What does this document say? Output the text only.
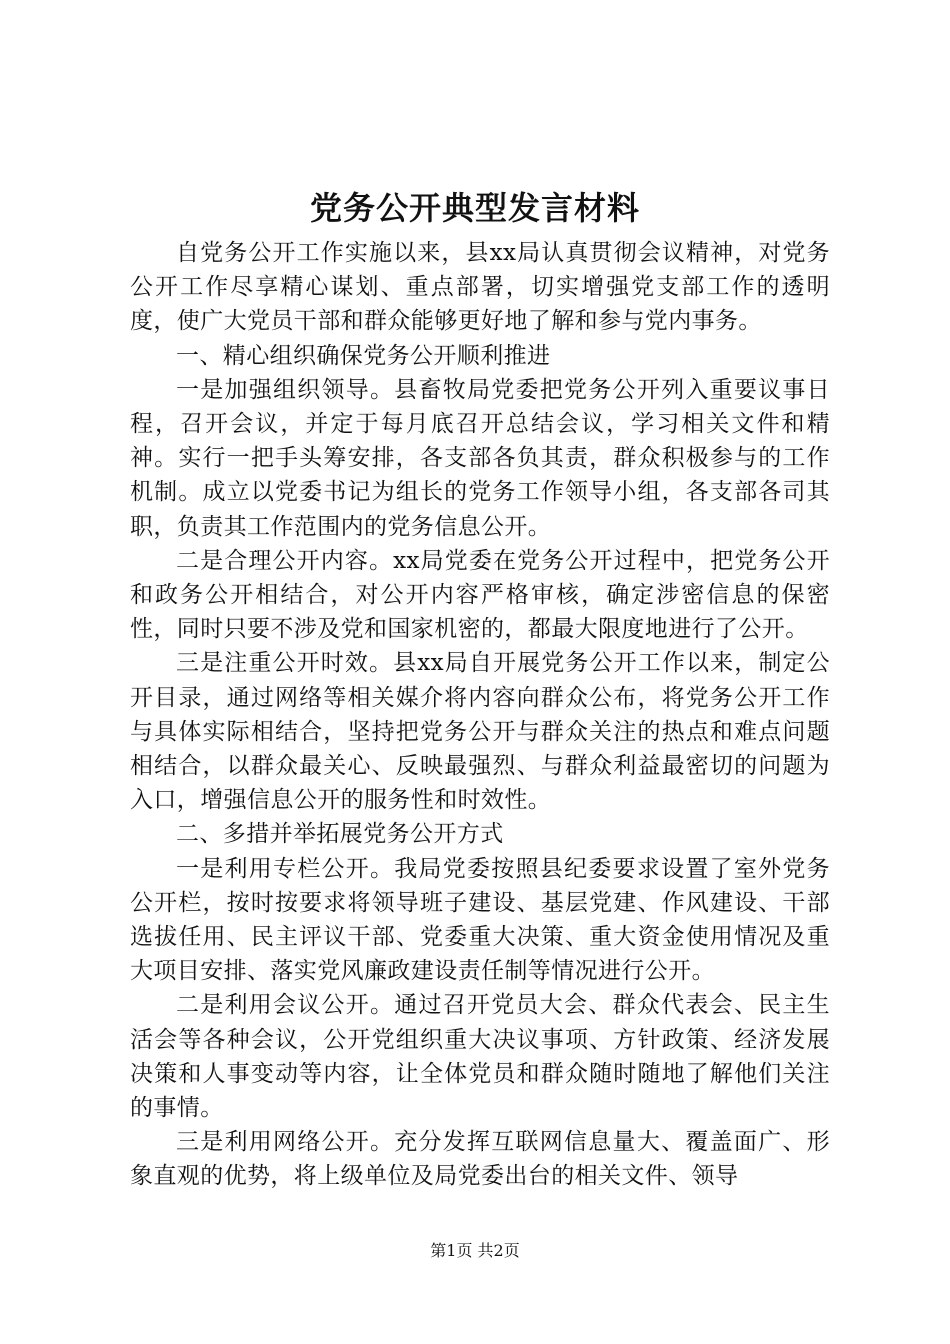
党务公开典型发言材料

自党务公开工作实施以来，县xx局认真贯彻会议精神，对党务公开工作尽享精心谋划、重点部署，切实增强党支部工作的透明度，使广大党员干部和群众能够更好地了解和参与党内事务。

一、精心组织确保党务公开顺利推进

一是加强组织领导。县畜牧局党委把党务公开列入重要议事日程，召开会议，并定于每月底召开总结会议，学习相关文件和精神。实行一把手头筹安排，各支部各负其责，群众积极参与的工作机制。成立以党委书记为组长的党务工作领导小组，各支部各司其职，负责其工作范围内的党务信息公开。

二是合理公开内容。xx局党委在党务公开过程中，把党务公开和政务公开相结合，对公开内容严格审核，确定涉密信息的保密性，同时只要不涉及党和国家机密的，都最大限度地进行了公开。

三是注重公开时效。县xx局自开展党务公开工作以来，制定公开目录，通过网络等相关媒介将内容向群众公布，将党务公开工作与具体实际相结合，坚持把党务公开与群众关注的热点和难点问题相结合，以群众最关心、反映最强烈、与群众利益最密切的问题为入口，增强信息公开的服务性和时效性。

二、多措并举拓展党务公开方式

一是利用专栏公开。我局党委按照县纪委要求设置了室外党务公开栏，按时按要求将领导班子建设、基层党建、作风建设、干部选拔任用、民主评议干部、党委重大决策、重大资金使用情况及重大项目安排、落实党风廉政建设责任制等情况进行公开。

二是利用会议公开。通过召开党员大会、群众代表会、民主生活会等各种会议，公开党组织重大决议事项、方针政策、经济发展决策和人事变动等内容，让全体党员和群众随时随地了解他们关注的事情。

三是利用网络公开。充分发挥互联网信息量大、覆盖面广、形象直观的优势，将上级单位及局党委出台的相关文件、领导

第1页 共2页
